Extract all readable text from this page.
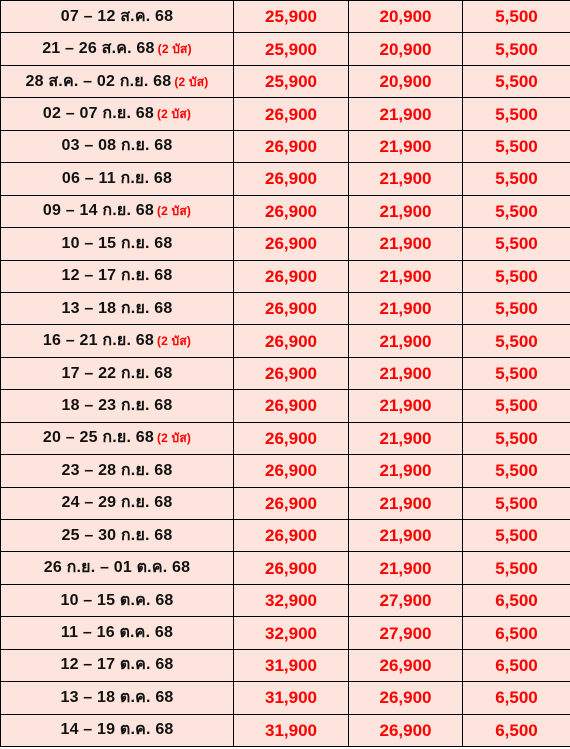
07 – 12 ส.ค. 68	25,900	20,900	5,500
21 – 26 ส.ค. 68 (2 บัส)	25,900	20,900	5,500
28 ส.ค. – 02 ก.ย. 68 (2 บัส)	25,900	20,900	5,500
02 – 07 ก.ย. 68 (2 บัส)	26,900	21,900	5,500
03 – 08 ก.ย. 68	26,900	21,900	5,500
06 – 11 ก.ย. 68	26,900	21,900	5,500
09 – 14 ก.ย. 68 (2 บัส)	26,900	21,900	5,500
10 – 15 ก.ย. 68	26,900	21,900	5,500
12 – 17 ก.ย. 68	26,900	21,900	5,500
13 – 18 ก.ย. 68	26,900	21,900	5,500
16 – 21 ก.ย. 68 (2 บัส)	26,900	21,900	5,500
17 – 22 ก.ย. 68	26,900	21,900	5,500
18 – 23 ก.ย. 68	26,900	21,900	5,500
20 – 25 ก.ย. 68 (2 บัส)	26,900	21,900	5,500
23 – 28 ก.ย. 68	26,900	21,900	5,500
24 – 29 ก.ย. 68	26,900	21,900	5,500
25 – 30 ก.ย. 68	26,900	21,900	5,500
26 ก.ย. – 01 ต.ค. 68	26,900	21,900	5,500
10 – 15 ต.ค. 68	32,900	27,900	6,500
11 – 16 ต.ค. 68	32,900	27,900	6,500
12 – 17 ต.ค. 68	31,900	26,900	6,500
13 – 18 ต.ค. 68	31,900	26,900	6,500
14 – 19 ต.ค. 68	31,900	26,900	6,500
